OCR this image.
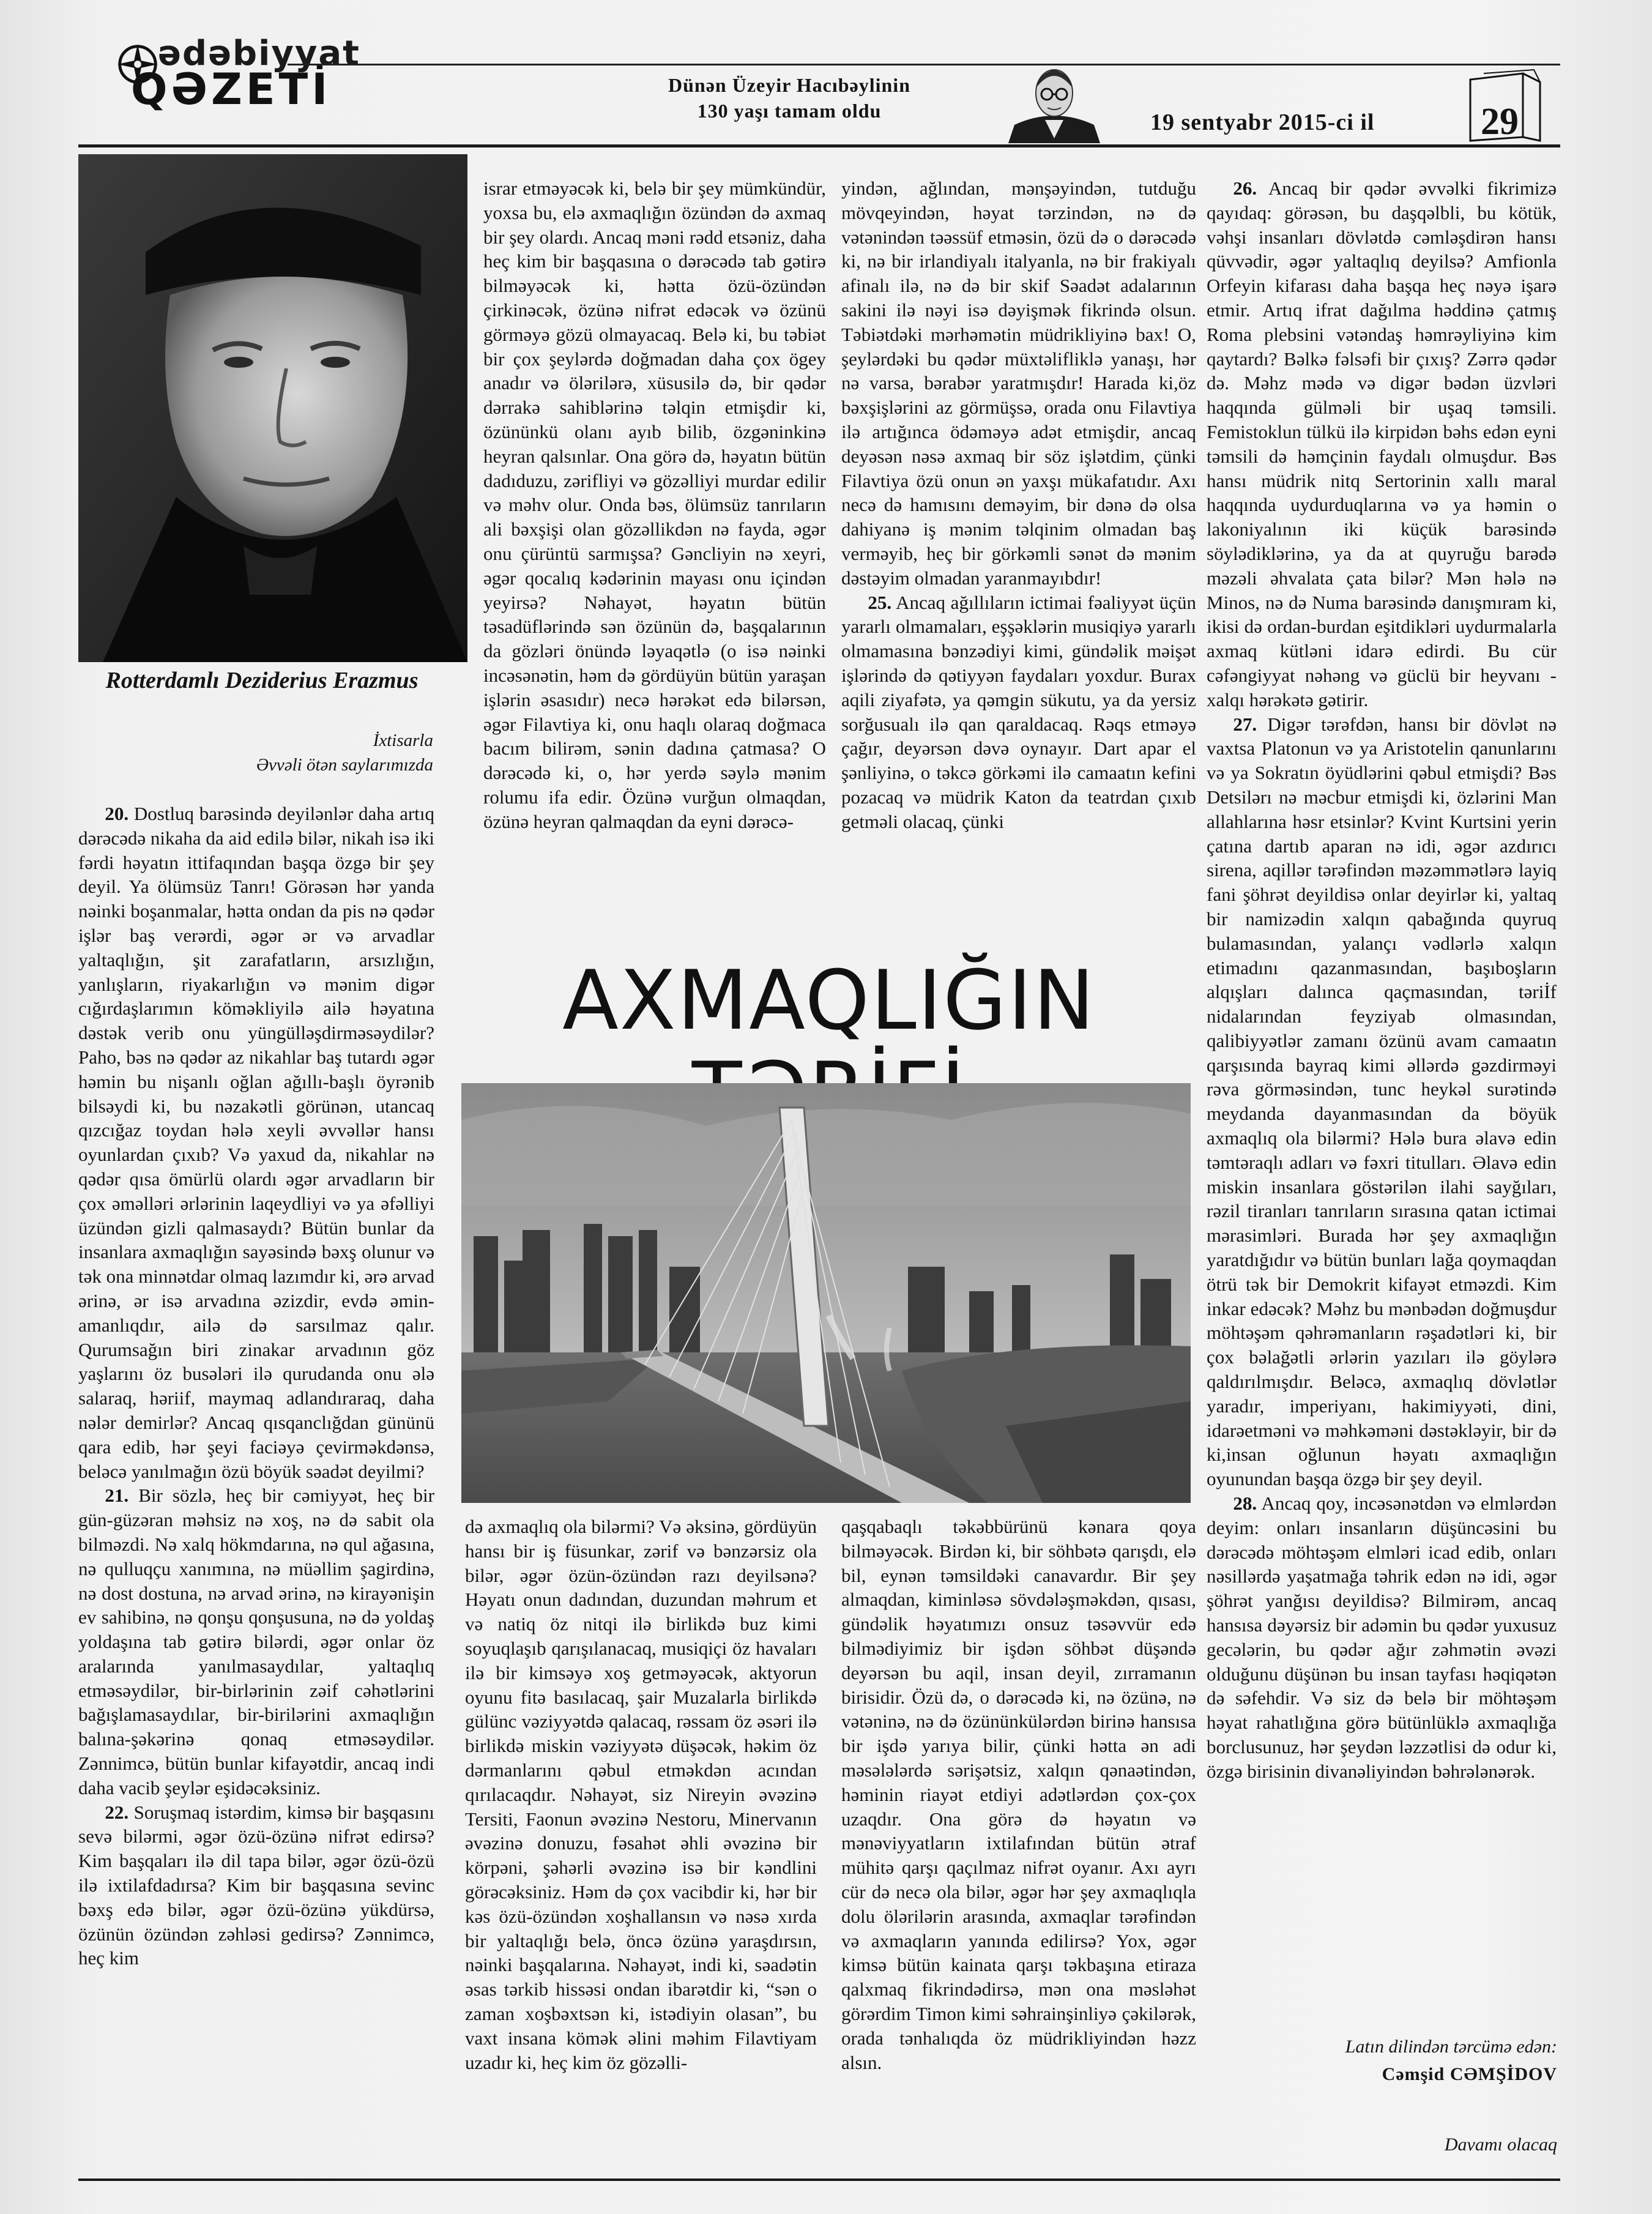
ədəbiyyat
QƏZETİ	Dünən Üzeyir Hacıbəylinin
130 yaşı tamam oldu	19 sentyabr 2015-ci il	29
Rotterdamlı Deziderius Erazmus
İxtisarla
Əvvəli ötən saylarımızda

20. Dostluq barəsində deyilənlər daha artıq dərəcədə nikaha da aid edilə bilər, nikah isə iki fərdi həyatın ittifaqından başqa özgə bir şey deyil. Ya ölümsüz Tanrı! Görəsən hər yanda nəinki boşanmalar, hətta ondan da pis nə qədər işlər baş verərdi, əgər ər və arvadlar yaltaqlığın, şit zarafatların, arsızlığın, yanlışların, riyakarlığın və mənim digər cığırdaşlarımın köməkliyilə ailə həyatına dəstək verib onu yüngülləşdirməsəydilər? Paho, bəs nə qədər az nikahlar baş tutardı əgər həmin bu nişanlı oğlan ağıllı-başlı öyrənib bilsəydi ki, bu nəzakətli görünən, utancaq qızcığaz toydan hələ xeyli əvvəllər hansı oyunlardan çıxıb? Və yaxud da, nikahlar nə qədər qısa ömürlü olardı əgər arvadların bir çox əməlləri ərlərinin laqeydliyi və ya əfəlliyi üzündən gizli qalmasaydı? Bütün bunlar da insanlara axmaqlığın sayəsində bəxş olunur və tək ona minnətdar olmaq lazımdır ki, ərə arvad ərinə, ər isə arvadına əzizdir, evdə əmin-amanlıqdır, ailə də sarsılmaz qalır. Qurumsağın biri zinakar arvadının göz yaşlarını öz busələri ilə qurudanda onu ələ salaraq, həriif, maymaq adlandıraraq, daha nələr demirlər? Ancaq qısqanclığdan gününü qara edib, hər şeyi faciəyə çevirməkdənsə, beləcə yanılmağın özü böyük səadət deyilmi?

21. Bir sözlə, heç bir cəmiyyət, heç bir gün-güzəran məhsiz nə xoş, nə də sabit ola bilməzdi. Nə xalq hökmdarına, nə qul ağasına, nə qulluqçu xanımına, nə müəllim şagirdinə, nə dost dostuna, nə arvad ərinə, nə kirayənişin ev sahibinə, nə qonşu qonşusuna, nə də yoldaş yoldaşına tab gətirə bilərdi, əgər onlar öz aralarında yanılmasaydılar, yaltaqlıq etməsəydilər, bir-birlərinin zəif cəhətlərini bağışlamasaydılar, bir-birilərini axmaqlığın balına-şəkərinə qonaq etməsəydilər. Zənnimcə, bütün bunlar kifayətdir, ancaq indi daha vacib şeylər eşidəcəksiniz.

22. Soruşmaq istərdim, kimsə bir başqasını sevə bilərmi, əgər özü-özünə nifrət edirsə? Kim başqaları ilə dil tapa bilər, əgər özü-özü ilə ixtilafdadırsa? Kim bir başqasına sevinc bəxş edə bilər, əgər özü-özünə yükdürsə, özünün özündən zəhləsi gedirsə? Zənnimcə, heç kim

israr etməyəcək ki, belə bir şey mümkündür, yoxsa bu, elə axmaqlığın özündən də axmaq bir şey olardı. Ancaq məni rədd etsəniz, daha heç kim bir başqasına o dərəcədə tab gətirə bilməyəcək ki, hətta özü-özündən çirkinəcək, özünə nifrət edəcək və özünü görməyə gözü olmayacaq. Belə ki, bu təbiət bir çox şeylərdə doğmadan daha çox ögey anadır və ölərilərə, xüsusilə də, bir qədər dərrakə sahiblərinə təlqin etmişdir ki, özününkü olanı ayıb bilib, özgəninkinə heyran qalsınlar. Ona görə də, həyatın bütün dadıduzu, zərifliyi və gözəlliyi murdar edilir və məhv olur. Onda bəs, ölümsüz tanrıların ali bəxşişi olan gözəllikdən nə fayda, əgər onu çürüntü sarmışsa? Gəncliyin nə xeyri, əgər qocalıq kədərinin mayası onu içindən yeyirsə? Nəhayət, həyatın bütün təsadüflərində sən özünün də, başqalarının da gözləri önündə ləyaqətlə (o isə nəinki incəsənətin, həm də gördüyün bütün yaraşan işlərin əsasıdır) necə hərəkət edə bilərsən, əgər Filavtiya ki, onu haqlı olaraq doğmaca bacım bilirəm, sənin dadına çatmasa? O dərəcədə ki, o, hər yerdə səylə mənim rolumu ifa edir. Özünə vurğun olmaqdan, özünə heyran qalmaqdan da eyni dərəcə-

yindən, ağlından, mənşəyindən, tutduğu mövqeyindən, həyat tərzindən, nə də vətənindən təəssüf etməsin, özü də o dərəcədə ki, nə bir irlandiyalı italyanla, nə bir frakiyalı afinalı ilə, nə də bir skif Səadət adalarının sakini ilə nəyi isə dəyişmək fikrində olsun. Təbiətdəki mərhəmətin müdrikliyinə bax! O, şeylərdəki bu qədər müxtəlifliklə yanaşı, hər nə varsa, bərabər yaratmışdır! Harada ki,öz bəxşişlərini az görmüşsə, orada onu Filavtiya ilə artığınca ödəməyə adət etmişdir, ancaq deyəsən nəsə axmaq bir söz işlətdim, çünki Filavtiya özü onun ən yaxşı mükafatıdır. Axı necə də hamısını deməyim, bir dənə də olsa dahiyanə iş mənim təlqinim olmadan baş verməyib, heç bir görkəmli sənət də mənim dəstəyim olmadan yaranmayıbdır!

25. Ancaq ağıllıların ictimai fəaliyyət üçün yararlı olmamaları, eşşəklərin musiqiyə yararlı olmamasına bənzədiyi kimi, gündəlik məişət işlərində də qətiyyən faydaları yoxdur. Burax aqili ziyafətə, ya qəmgin sükutu, ya da yersiz sorğusualı ilə qan qaraldacaq. Rəqs etməyə çağır, deyərsən dəvə oynayır. Dart apar el şənliyinə, o təkcə görkəmi ilə camaatın kefini pozacaq və müdrik Katon da teatrdan çıxıb getməli olacaq, çünki

26. Ancaq bir qədər əvvəlki fikrimizə qayıdaq: görəsən, bu daşqəlbli, bu kötük, vəhşi insanları dövlətdə cəmləşdirən hansı qüvvədir, əgər yaltaqlıq deyilsə? Amfionla Orfeyin kifarası daha başqa heç nəyə işarə etmir. Artıq ifrat dağılma həddinə çatmış Roma plebsini vətəndaş həmrəyliyinə kim qaytardı? Bəlkə fəlsəfi bir çıxış? Zərrə qədər də. Məhz mədə və digər bədən üzvləri haqqında gülməli bir uşaq təmsili. Femistoklun tülkü ilə kirpidən bəhs edən eyni təmsili də həmçinin faydalı olmuşdur. Bəs hansı müdrik nitq Sertorinin xallı maral haqqında uydurduqlarına və ya həmin o lakoniyalının iki küçük barəsində söylədiklərinə, ya da at quyruğu barədə məzəli əhvalata çata bilər? Mən hələ nə Minos, nə də Numa barəsində danışmıram ki, ikisi də ordan-burdan eşitdikləri uydurmalarla axmaq kütləni idarə edirdi. Bu cür cəfəngiyyat nəhəng və güclü bir heyvanı - xalqı hərəkətə gətirir.

27. Digər tərəfdən, hansı bir dövlət nə vaxtsa Platonun və ya Aristotelin qanunlarını və ya Sokratın öyüdlərini qəbul etmişdi? Bəs Detsilərı nə məcbur etmişdi ki, özlərini Man allahlarına həsr etsinlər? Kvint Kurtsini yerin çatına dartıb aparan nə idi, əgər azdırıcı sirena, aqillər tərəfindən məzəmmətlərə layiq fani şöhrət deyildisə onlar deyirlər ki, yaltaq bir namizədin xalqın qabağında quyruq bulamasından, yalançı vədlərlə xalqın etimadını qazanmasından, başıboşların alqışları dalınca qaçmasından, təriİf nidalarından feyziyab olmasından, qalibiyyətlər zamanı özünü avam camaatın qarşısında bayraq kimi əllərdə gəzdirməyi rəva görməsindən, tunc heykəl surətində meydanda dayanmasından da böyük axmaqlıq ola bilərmi? Hələ bura əlavə edin təmtəraqlı adları və fəxri titulları. Əlavə edin miskin insanlara göstərilən ilahi sayğıları, rəzil tiranları tanrıların sırasına qatan ictimai mərasimləri. Burada hər şey axmaqlığın yaratdığıdır və bütün bunları lağa qoymaqdan ötrü tək bir Demokrit kifayət etməzdi. Kim inkar edəcək? Məhz bu mənbədən doğmuşdur möhtəşəm qəhrəmanların rəşadətləri ki, bir çox bəlağətli ərlərin yazıları ilə göylərə qaldırılmışdır. Beləcə, axmaqlıq dövlətlər yaradır, imperiyanı, hakimiyyəti, dini, idarəetməni və məhkəməni dəstəkləyir, bir də ki,insan oğlunun həyatı axmaqlığın oyunundan başqa özgə bir şey deyil.

28. Ancaq qoy, incəsənətdən və elmlərdən deyim: onları insanların düşüncəsini bu dərəcədə möhtəşəm elmləri icad edib, onları nəsillərdə yaşatmağa təhrik edən nə idi, əgər şöhrət yanğısı deyildisə? Bilmirəm, ancaq hansısa dəyərsiz bir adəmin bu qədər yuxusuz gecələrin, bu qədər ağır zəhmətin əvəzi olduğunu düşünən bu insan tayfası həqiqətən də səfehdir. Və siz də belə bir möhtəşəm həyat rahatlığına görə bütünlüklə axmaqlığa borclusunuz, hər şeydən ləzzətlisi də odur ki, özgə birisinin divanəliyindən bəhrələnərək.

AXMAQLIĞIN

də axmaqlıq ola bilərmi? Və əksinə, gördüyün hansı bir iş füsunkar, zərif və bənzərsiz ola bilər, əgər özün-özündən razı deyilsənə? Həyatı onun dadından, duzundan məhrum et və natiq öz nitqi ilə birlikdə buz kimi soyuqlaşıb qarışılanacaq, musiqiçi öz havaları ilə bir kimsəyə xoş getməyəcək, aktyorun oyunu fitə basılacaq, şair Muzalarla birlikdə gülünc vəziyyətdə qalacaq, rəssam öz əsəri ilə birlikdə miskin vəziyyətə düşəcək, həkim öz dərmanlarını qəbul etməkdən acından qırılacaqdır. Nəhayət, siz Nireyin əvəzinə Tersiti, Faonun əvəzinə Nestoru, Minervanın əvəzinə donuzu, fəsahət əhli əvəzinə bir körpəni, şəhərli əvəzinə isə bir kəndlini görəcəksiniz. Həm də çox vacibdir ki, hər bir kəs özü-özündən xoşhallansın və nəsə xırda bir yaltaqlığı belə, öncə özünə yaraşdırsın, nəinki başqalarına. Nəhayət, indi ki, səadətin əsas tərkib hissəsi ondan ibarətdir ki, “sən o zaman xoşbəxtsən ki, istədiyin olasan”, bu vaxt insana kömək əlini məhim Filavtiyam uzadır ki, heç kim öz gözəlli-

qaşqabaqlı təkəbbürünü kənara qoya bilməyəcək. Birdən ki, bir söhbətə qarışdı, elə bil, eynən təmsildəki canavardır. Bir şey almaqdan, kiminləsə sövdələşməkdən, qısası, gündəlik həyatımızı onsuz təsəvvür edə bilmədiyimiz bir işdən söhbət düşəndə deyərsən bu aqil, insan deyil, zırramanın birisidir. Özü də, o dərəcədə ki, nə özünə, nə vətəninə, nə də özününkülərdən birinə hansısa bir işdə yarıya bilir, çünki hətta ən adi məsələlərdə sərişətsiz, xalqın qənaətindən, həminin riayət etdiyi adətlərdən çox-çox uzaqdır. Ona görə də həyatın və mənəviyyatların ixtilafından bütün ətraf mühitə qarşı qaçılmaz nifrət oyanır. Axı ayrı cür də necə ola bilər, əgər hər şey axmaqlıqla dolu ölərilərin arasında, axmaqlar tərəfindən və axmaqların yanında edilirsə? Yox, əgər kimsə bütün kainata qarşı təkbaşına etiraza qalxmaq fikrindədirsə, mən ona məsləhət görərdim Timon kimi səhrainşinliyə çəkilərək, orada tənhalıqda öz müdrikliyindən həzz alsın.

Latın dilindən tərcümə edən:
Cəmşid CƏMŞİDOV
Davamı olacaq
